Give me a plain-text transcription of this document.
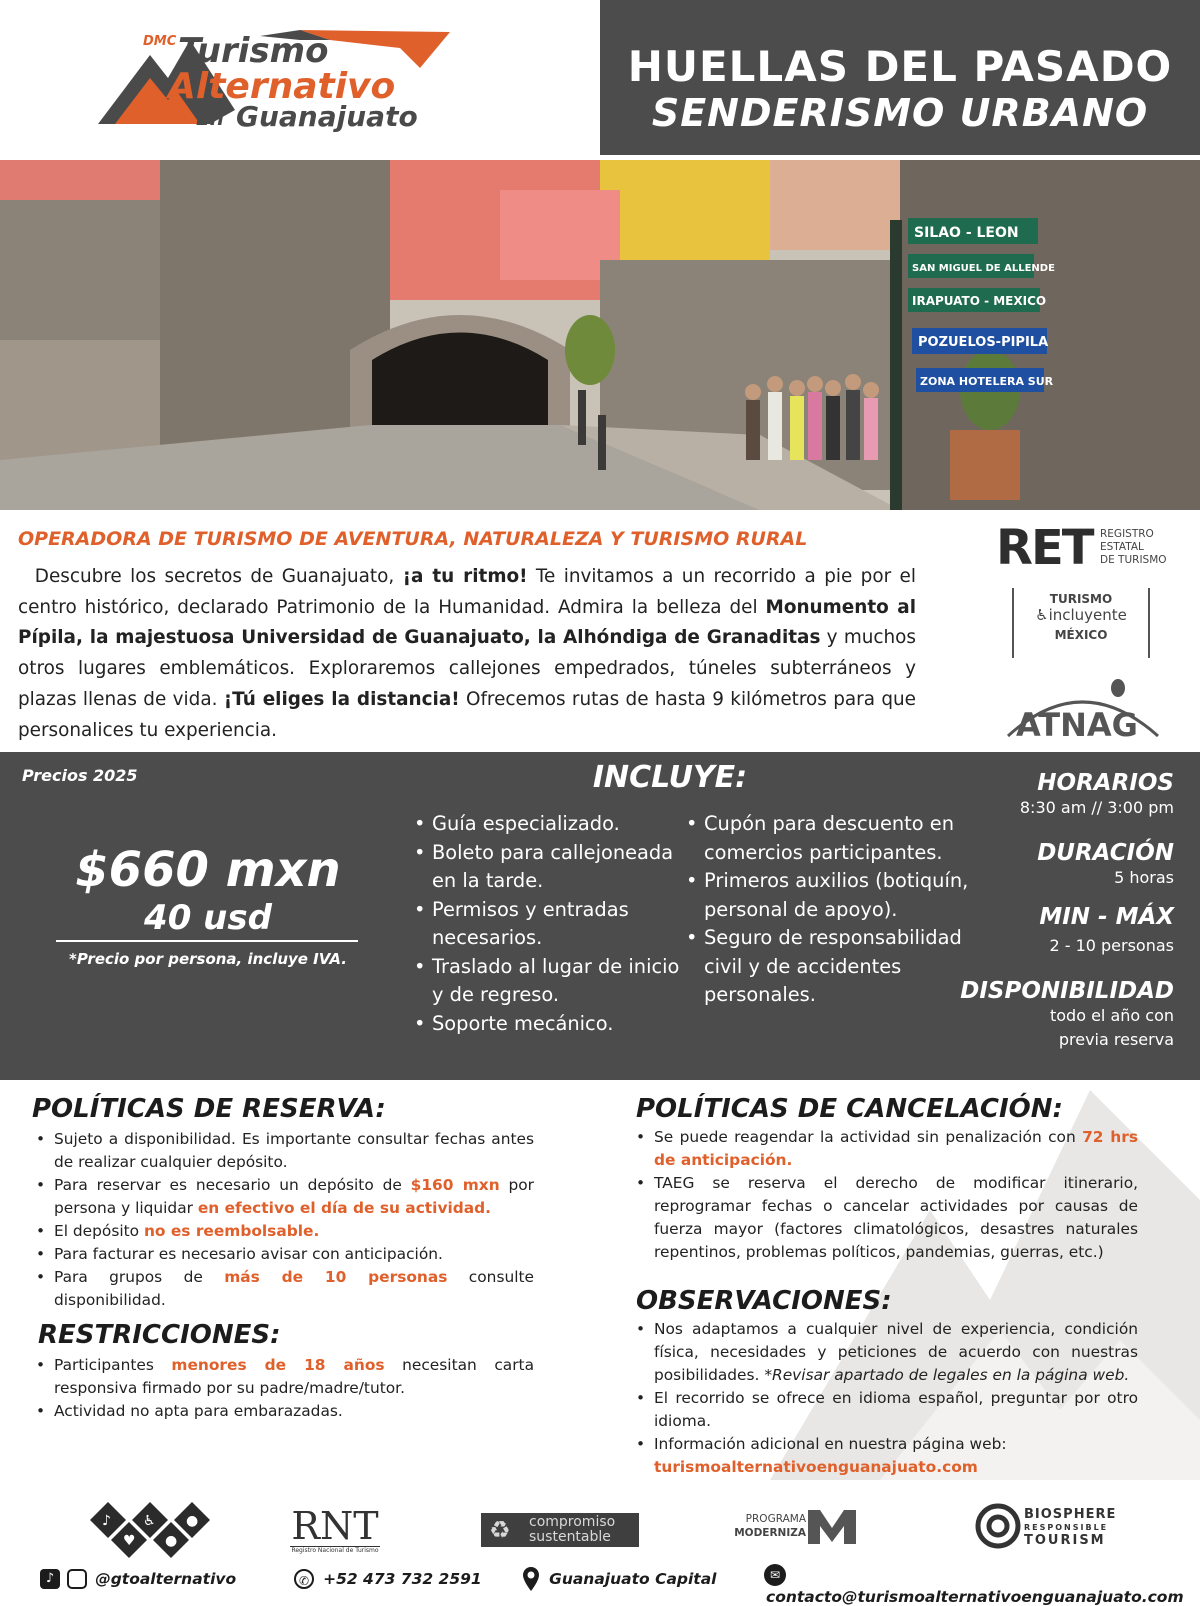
DMC Turismo
Alternativo
En Guanajuato
HUELLAS DEL PASADO
SENDERISMO URBANO
SILAO - LEON
SAN MIGUEL DE ALLENDE
IRAPUATO - MEXICO
POZUELOS-PIPILA
ZONA HOTELERA SUR
OPERADORA DE TURISMO DE AVENTURA, NATURALEZA Y TURISMO RURAL
Descubre los secretos de Guanajuato, ¡a tu ritmo! Te invitamos a un recorrido a pie por el centro histórico, declarado Patrimonio de la Humanidad. Admira la belleza del Monumento al Pípila, la majestuosa Universidad de Guanajuato, la Alhóndiga de Granaditas y muchos otros lugares emblemáticos. Exploraremos callejones empedrados, túneles subterráneos y plazas llenas de vida. ¡Tú eliges la distancia! Ofrecemos rutas de hasta 9 kilómetros para que personalices tu experiencia.
RET REGISTRO
ESTATAL
DE TURISMO
TURISMO
♿incluyente
MÉXICO
ATNAG
Precios 2025
$660 mxn
40 usd
*Precio por persona, incluye IVA.
INCLUYE:
• Guía especializado.
• Boleto para callejoneada en la tarde.
• Permisos y entradas necesarios.
• Traslado al lugar de inicio y de regreso.
• Soporte mecánico.
• Cupón para descuento en comercios participantes.
• Primeros auxilios (botiquín, personal de apoyo).
• Seguro de responsabilidad civil y de accidentes personales.
HORARIOS
8:30 am // 3:00 pm
DURACIÓN
5 horas
MIN - MÁX
2 - 10 personas
DISPONIBILIDAD
todo el año con
previa reserva
POLÍTICAS DE RESERVA:
• Sujeto a disponibilidad. Es importante consultar fechas antes de realizar cualquier depósito.
• Para reservar es necesario un depósito de $160 mxn por persona y liquidar en efectivo el día de su actividad.
• El depósito no es reembolsable.
• Para facturar es necesario avisar con anticipación.
• Para grupos de más de 10 personas consulte disponibilidad.
RESTRICCIONES:
• Participantes menores de 18 años necesitan carta responsiva firmado por su padre/madre/tutor.
• Actividad no apta para embarazadas.
POLÍTICAS DE CANCELACIÓN:
• Se puede reagendar la actividad sin penalización con 72 hrs de anticipación.
• TAEG se reserva el derecho de modificar itinerario, reprogramar fechas o cancelar actividades por causas de fuerza mayor (factores climatológicos, desastres naturales repentinos, problemas políticos, pandemias, guerras, etc.)
OBSERVACIONES:
• Nos adaptamos a cualquier nivel de experiencia, condición física, necesidades y peticiones de acuerdo con nuestras posibilidades. *Revisar apartado de legales en la página web.
• El recorrido se ofrece en idioma español, preguntar por otro idioma.
• Información adicional en nuestra página web:
turismoalternativoenguanajuato.com
♪ ♿ ●
♥ ●	RNT
Registro Nacional de Turismo
♻ compromiso
sustentable
PROGRAMA
MODERNIZA
BIOSPHERE
RESPONSIBLE
TOURISM
♪	@gtoalternativo	✆ +52 473 732 2591	Guanajuato Capital	✉ contacto@turismoalternativoenguanajuato.com
